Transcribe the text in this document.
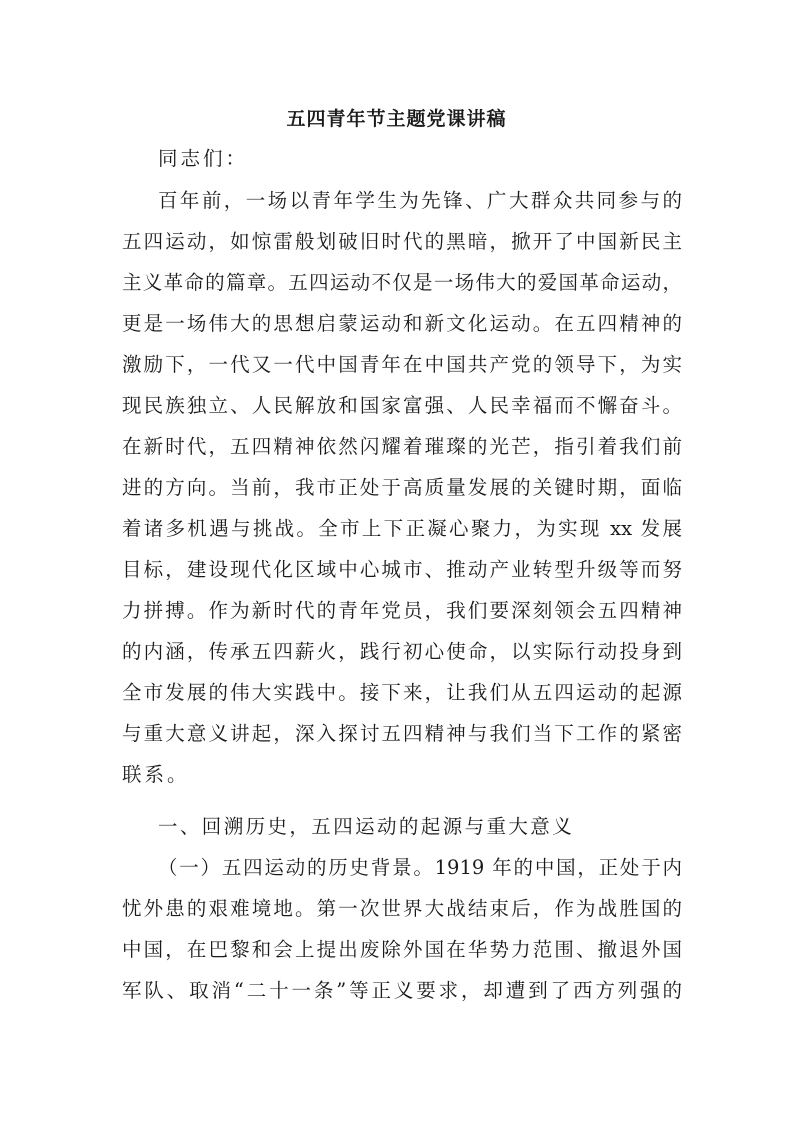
五四青年节主题党课讲稿
同志们：
百年前，一场以青年学生为先锋、广大群众共同参与的
五四运动，如惊雷般划破旧时代的黑暗，掀开了中国新民主
主义革命的篇章。五四运动不仅是一场伟大的爱国革命运动，
更是一场伟大的思想启蒙运动和新文化运动。在五四精神的
激励下，一代又一代中国青年在中国共产党的领导下，为实
现民族独立、人民解放和国家富强、人民幸福而不懈奋斗。
在新时代，五四精神依然闪耀着璀璨的光芒，指引着我们前
进的方向。当前，我市正处于高质量发展的关键时期，面临
着诸多机遇与挑战。全市上下正凝心聚力，为实现 xx 发展
目标，建设现代化区域中心城市、推动产业转型升级等而努
力拼搏。作为新时代的青年党员，我们要深刻领会五四精神
的内涵，传承五四薪火，践行初心使命，以实际行动投身到
全市发展的伟大实践中。接下来，让我们从五四运动的起源
与重大意义讲起，深入探讨五四精神与我们当下工作的紧密
联系。
一、回溯历史，五四运动的起源与重大意义
（一）五四运动的历史背景。1919 年的中国，正处于内
忧外患的艰难境地。第一次世界大战结束后，作为战胜国的
中国，在巴黎和会上提出废除外国在华势力范围、撤退外国
军队、取消“二十一条”等正义要求，却遭到了西方列强的
